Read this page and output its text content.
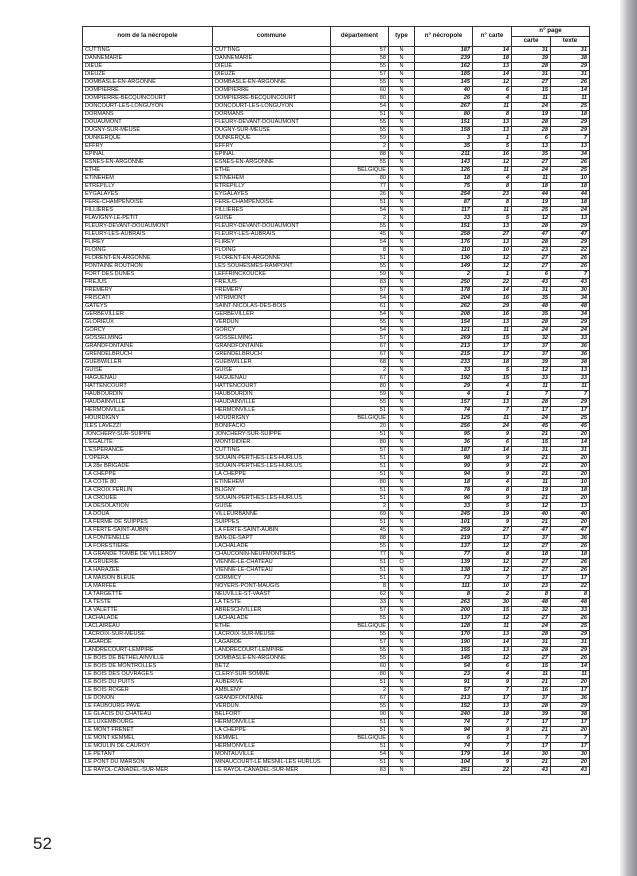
nom de la nécropole	commune	département	type	n° nécropole	n° carte	n° page	
						carte	texte
CUTTING	CUTTING	57	N	187	14	31	31
DANNEMARIE	DANNEMARIE	58	N	239	18	39	38
DIEUE	DIEUE	55	N	162	13	28	29
DIEUZE	DIEUZE	57	N	185	14	31	31
DOMBASLE-EN-ARGONNE	DOMBASLE-EN-ARGONNE	55	N	145	12	27	26
DOMPIERRE	DOMPIERRE	60	N	40	6	15	14
DOMPIERRE-BECQUINCOURT	DOMPIERRE-BECQUINCOURT	80	N	26	4	11	11
DONCOURT-LES-LONGUYON	DONCOURT-LES-LONGUYON	54	N	267	11	24	25
DORMANS	DORMANS	51	N	80	8	19	18
DOUAUMONT	FLEURY-DEVANT-DOUAUMONT	55	N	151	13	28	29
DUGNY-SUR-MEUSE	DUGNY-SUR-MEUSE	55	N	158	13	28	29
DUNKERQUE	DUNKERQUE	59	N	3	1	6	7
EFFRY	EFFRY	2	N	35	5	13	13
EPINAL	EPINAL	88	N	211	16	35	34
ESNES-EN-ARGONNE	ESNES-EN-ARGONNE	55	N	143	12	27	26
ETHE	ETHE	BELGIQUE	N	126	11	24	25
ETINEHEM	ETINEHEM	80	N	18	4	11	10
ETREPILLY	ETREPILLY	77	N	75	8	18	18
EYGALAYES	EYGALAYES	26	N	254	23	44	44
FERE-CHAMPENOISE	FERE-CHAMPENOISE	51	N	87	8	19	18
FILLIERES	FILLIERES	54	N	117	11	25	24
FLAVIGNY-LE-PETIT	GUISE	2	N	33	5	12	13
FLEURY-DEVANT-DOUAUMONT	FLEURY-DEVANT-DOUAUMONT	55	N	151	13	28	29
FLEURY-LES-AUBRAIS	FLEURY-LES-AUBRAIS	45	N	258	27	47	47
FLIREY	FLIREY	54	N	176	13	28	29
FLOING	FLOING	8	N	110	10	23	22
FLORENT-EN-ARGONNE	FLORENT-EN-ARGONNE	51	N	136	12	27	26
FONTAINE ROUTHON	LES SOUHESMES-RAMPONT	55	N	149	12	27	26
FORT DES DUNES	LEFFRINCKOUCKE	59	N	2	1	6	7
FREJUS	FREJUS	83	N	250	22	43	43
FREMERY	FREMERY	57	N	178	14	31	30
FRISCATI	VITRIMONT	54	N	204	16	35	34
GATEYS	SAINT-NICOLAS-DES-BOIS	61	N	262	29	48	48
GERBEVILLER	GERBEVILLER	54	N	208	16	35	34
GLORIEUX	VERDUN	55	N	154	13	28	29
GORCY	GORCY	54	N	121	11	24	24
GOSSELMING	GOSSELMING	57	N	269	15	32	33
GRANDFONTAINE	GRANDFONTAINE	67	N	213	17	37	36
GRENDELBRUCH	GRENDELBRUCH	67	N	215	17	37	36
GUEBWILLER	GUEBWILLER	68	N	233	18	39	38
GUISE	GUISE	2	N	33	5	12	13
HAGUENAU	HAGUENAU	67	N	192	15	33	33
HATTENCOURT	HATTENCOURT	80	N	29	4	11	11
HAUBOURDIN	HAUBOURDIN	59	N	4	1	7	7
HAUDAINVILLE	HAUDAINVILLE	55	N	157	13	28	29
HERMONVILLE	HERMONVILLE	51	N	74	7	17	17
HOURDIGNY	HOUDRIGNY	BELGIQUE	N	125	11	24	25
ILES LAVEZZI	BONIFACIO	20	N	256	24	45	45
JONCHERY-SUR-SUIPPE	JONCHERY-SUR-SUIPPE	51	N	95	9	21	20
L'EGALITE	MONTDIDIER	80	N	36	6	15	14
L'ESPERANCE	CUTTING	57	N	187	14	31	31
L'OPERA	SOUAIN-PERTHES-LES-HURLUS	51	N	98	9	21	20
LA 28e BRIGADE	SOUAIN-PERTHES-LES-HURLUS	51	N	99	9	21	20
LA CHEPPE	LA CHEPPE	51	N	94	9	21	20
LA COTE 80	ETINEHEM	80	N	18	4	11	10
LA CROIX FERLIN	BLIGNY	51	N	78	8	19	18
LA CROUEE	SOUAIN-PERTHES-LES-HURLUS	51	N	96	9	21	20
LA DESOLATION	GUISE	2	N	33	5	12	13
LA DOUA	VILLEURBANNE	69	N	245	19	40	40
LA FERME DE SUIPPES	SUIPPES	51	N	101	9	21	20
LA FERTE-SAINT-AUBIN	LA FERTE-SAINT-AUBIN	45	N	259	27	47	47
LA FONTENELLE	BAN-DE-SAPT	88	N	219	17	37	36
LA FORESTIERE	LACHALADE	55	N	137	12	27	26
LA GRANDE TOMBE DE VILLEROY	CHAUCONIN-NEUFMONTIERS	77	N	77	8	18	18
LA GRUERIE	VIENNE-LE-CHATEAU	51	O	139	12	27	26
LA HARAZEE	VIENNE-LE-CHATEAU	51	N	138	12	27	26
LA MAISON BLEUE	CORMICY	51	N	73	7	17	17
LA MARFEE	NOYERS-PONT-MAUGIS	8	N	111	10	23	22
LA TARGETTE	NEUVILLE-ST-VAAST	62	N	8	2	8	8
LA TESTE	LA TESTE	33	N	263	30	48	48
LA VALETTE	ABRESCHVILLER	57	N	200	15	32	33
LACHALADE	LACHALADE	55	N	137	12	27	26
LACLAIREAU	ETHE	BELGIQUE	N	128	11	24	25
LACROIX-SUR-MEUSE	LACROIX-SUR-MEUSE	55	N	170	13	28	29
LAGARDE	LAGARDE	57	N	190	14	31	31
LANDRECOURT-LEMPIRE	LANDRECOURT-LEMPIRE	55	N	155	13	28	29
LE BOIS DE BETHELAINVILLE	DOMBASLE-EN-ARGONNE	55	N	145	12	27	26
LE BOIS DE MONTROLLES	BETZ	60	N	54	6	15	14
LE BOIS DES OUVRAGES	CLERY-SUR SOMME	80	N	23	4	11	11
LE BOIS DU PUITS	AUBERIVE	51	N	91	9	21	20
LE BOIS ROGER	AMBLENY	2	N	57	7	16	17
LE DONON	GRANDFONTAINE	67	N	213	17	37	36
LE FAUBOURG PAVE	VERDUN	55	N	152	13	28	29
LE GLACIS DU CHATEAU	BELFORT	90	N	240	18	39	38
LE LUXEMBOURG	HERMONVILLE	51	N	74	7	17	17
LE MONT FRENET	LA CHEPPE	51	N	94	9	21	20
LE MONT KEMMEL	KEMMEL	BELGIQUE	N	6	1	7	7
LE MOULIN DE CAUROY	HERMONVILLE	51	N	74	7	17	17
LE PETANT	MONTAUVILLE	54	N	179	14	30	30
LE PONT DU MARSON	MINAUCOURT-LE MESNIL-LES HURLUS	51	N	104	9	21	20
LE RAYOL-CANADEL-SUR-MER	LE RAYOL-CANADEL-SUR-MER	83	N	251	22	43	43
52
